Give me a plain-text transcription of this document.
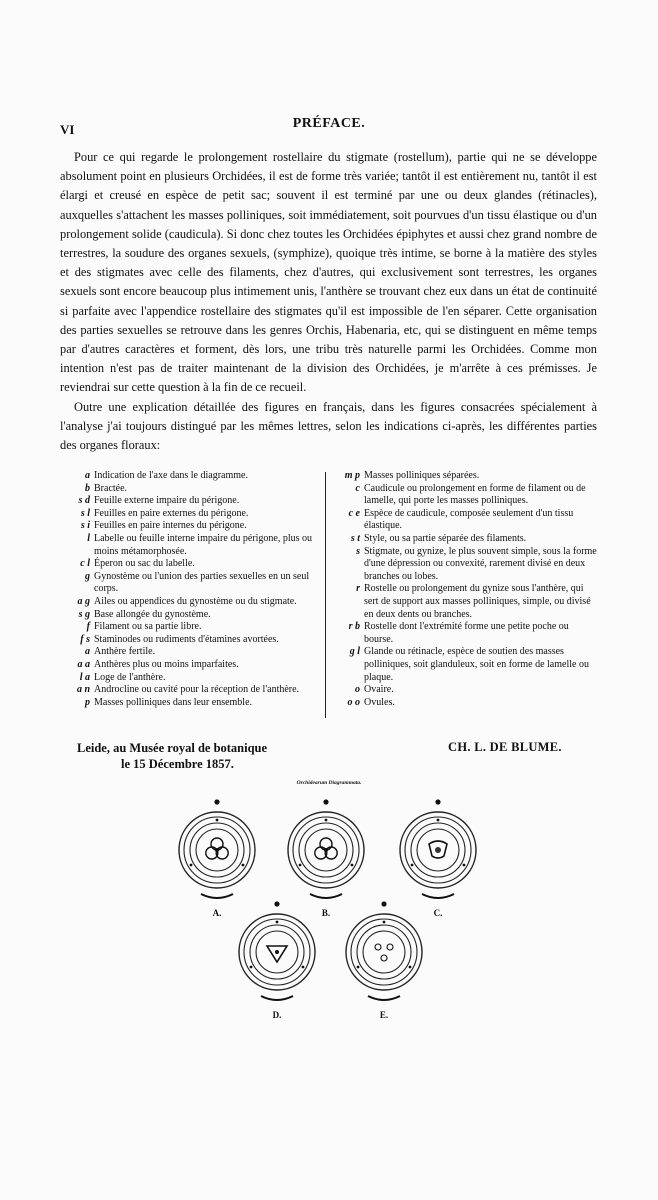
VI	PRÉFACE.

Pour ce qui regarde le prolongement rostellaire du stigmate (rostellum), partie qui ne se développe absolument point en plusieurs Orchidées, il est de forme très variée; tantôt il est entièrement nu, tantôt il est élargi et creusé en espèce de petit sac; souvent il est terminé par une ou deux glandes (rétinacles), auxquelles s'attachent les masses polliniques, soit immédiatement, soit pourvues d'un tissu élastique ou d'un prolongement solide (caudicula). Si donc chez toutes les Orchidées épiphytes et aussi chez grand nombre de terrestres, la soudure des organes sexuels, (symphize), quoique très intime, se borne à la matière des styles et des stigmates avec celle des filaments, chez d'autres, qui exclusivement sont terrestres, les organes sexuels sont encore beaucoup plus intimement unis, l'anthère se trouvant chez eux dans un état de continuité si parfaite avec l'appendice rostellaire des stigmates qu'il est impossible de l'en séparer. Cette organisation des parties sexuelles se retrouve dans les genres Orchis, Habenaria, etc, qui se distinguent en même temps par d'autres caractères et forment, dès lors, une tribu très naturelle parmi les Orchidées. Comme mon intention n'est pas de traiter maintenant de la division des Orchidées, je m'arrête à ces prémisses. Je reviendrai sur cette question à la fin de ce recueil.

Outre une explication détaillée des figures en français, dans les figures consacrées spécialement à l'analyse j'ai toujours distingué par les mêmes lettres, selon les indications ci-après, les différentes parties des organes floraux:

a Indication de l'axe dans le diagramme.
b Bractée.
s d Feuille externe impaire du périgone.
s l Feuilles en paire externes du périgone.
s i Feuilles en paire internes du périgone.
l Labelle ou feuille interne impaire du périgone, plus ou moins métamorphosée.
c l Éperon ou sac du labelle.
g Gynostème ou l'union des parties sexuelles en un seul corps.
a g Ailes ou appendices du gynostème ou du stigmate.
s g Base allongée du gynostème.
f Filament ou sa partie libre.
f s Staminodes ou rudiments d'étamines avortées.
a Anthère fertile.
a a Anthères plus ou moins imparfaites.
l a Loge de l'anthère.
a n Androcline ou cavité pour la réception de l'anthère.
p Masses polliniques dans leur ensemble.
m p Masses polliniques séparées.
c Caudicule ou prolongement en forme de filament ou de lamelle, qui porte les masses polliniques.
c e Espèce de caudicule, composée seulement d'un tissu élastique.
s t Style, ou sa partie séparée des filaments.
s Stigmate, ou gynize, le plus souvent simple, sous la forme d'une dépression ou convexité, rarement divisé en deux branches ou lobes.
r Rostelle ou prolongement du gynize sous l'anthère, qui sert de support aux masses polliniques, simple, ou divisé en deux dents ou branches.
r b Rostelle dont l'extrémité forme une petite poche ou bourse.
g l Glande ou rétinacle, espèce de soutien des masses polliniques, soit glanduleux, soit en forme de lamelle ou plaque.
o Ovaire.
o o Ovules.
Leide, au Musée royal de botanique
le 15 Décembre 1857.
CH. L. DE BLUME.
Orchidearum Diagrammata.
A.	B.	C.
D.	E.
